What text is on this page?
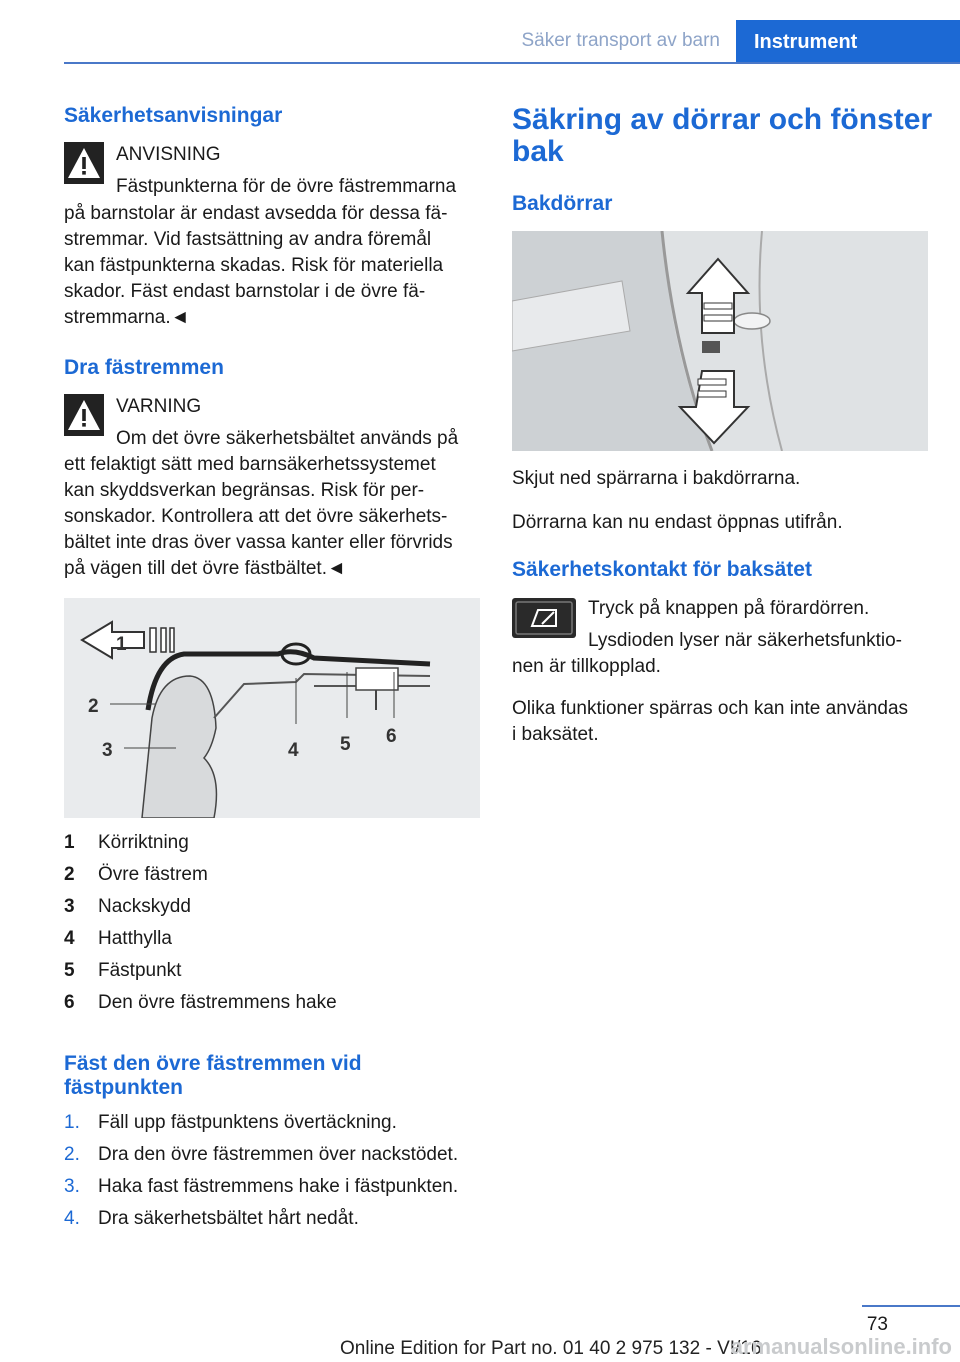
Säker transport av barn	Instrument
Säkerhetsanvisningar
ANVISNING
Fästpunkterna för de övre fästremmarna
på barnstolar är endast avsedda för dessa fä-
stremmar. Vid fastsättning av andra föremål
kan fästpunkterna skadas. Risk för materiella
skador. Fäst endast barnstolar i de övre fä-
stremmarna.◄
Dra fästremmen
VARNING
Om det övre säkerhetsbältet används på
ett felaktigt sätt med barnsäkerhetssystemet
kan skyddsverkan begränsas. Risk för per-
sonskador. Kontrollera att det övre säkerhets-
bältet inte dras över vassa kanter eller förvrids
på vägen till det övre fästbältet.◄
1
2
3	4 5 6
1 Körriktning
2 Övre fästrem
3 Nackskydd
4 Hatthylla
5 Fästpunkt
6 Den övre fästremmens hake
Fäst den övre fästremmen vid
fästpunkten
1. Fäll upp fästpunktens övertäckning.
2. Dra den övre fästremmen över nackstödet.
3. Haka fast fästremmens hake i fästpunkten.
4. Dra säkerhetsbältet hårt nedåt.
Säkring av dörrar och fönster
bak
Bakdörrar
Skjut ned spärrarna i bakdörrarna.
Dörrarna kan nu endast öppnas utifrån.
Säkerhetskontakt för baksätet
Tryck på knappen på förardörren.
Lysdioden lyser när säkerhetsfunktio-
nen är tillkopplad.
Olika funktioner spärras och kan inte användas
i baksätet.
73
Online Edition for Part no. 01 40 2 975 132 - VI/16
armanualsonline.info
